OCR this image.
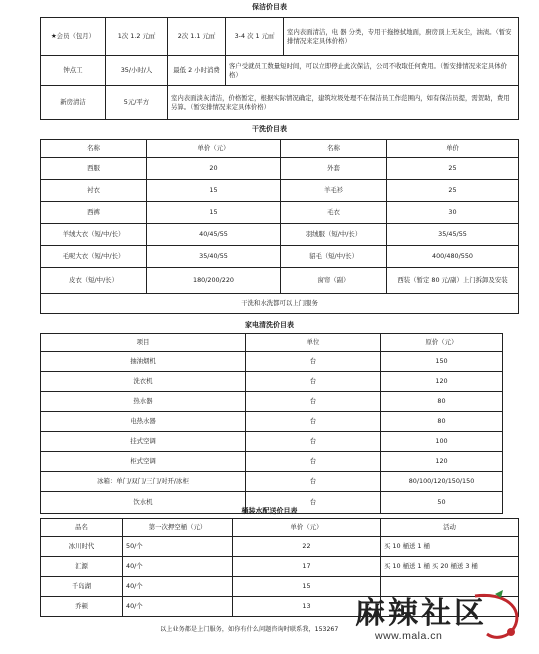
保洁价目表
★会员（包月）	1次 1.2 元㎡	2次 1.1 元㎡	3-4 次 1 元㎡	室内表面清洁，电 器 分类，专用干拖擦拭地面，廚房顶上无灰尘，油渍。（暂安排情况来定具体价格）
钟点工	35/小时/人	最低 2 小时消费	客户受就员工数量短时间，可以立即停止此次保洁，公司不收取任何费用。（暂安排情况来定具体价格）	
新房清洁	5元/平方	室内表面淡灰清洁，价格暂定，根据实际情况确定，建筑垃圾处理不在保洁员工作范围内，如有保洁员提，需贺助，费用另算。（暂安排情况来定具体价格）		
干洗价目表
名称	单价（元）	名称	单价
西服	20	外套	25
衬衣	15	羊毛衫	25
西裤	15	毛衣	30
羊绒大衣（短/中/长）	40/45/55	羽绒服（短/中/长）	35/45/55
毛呢大衣（短/中/长）	35/40/55	貂毛（短/中/长）	400/480/550
皮衣（短/中/长）	180/200/220	窗帘（副）	西装（暂定 80 元/副）上门拆卸及安装
干洗和水洗都可以上门服务			
家电清洗价目表
项目	单位	原价（元）
抽油烟机	台	150
洗衣机	台	120
热水器	台	80
电热水器	台	80
挂式空调	台	100
柜式空调	台	120
冰箱：单门/双门/三门/对开/冰柜	台	80/100/120/150/150
饮水机	台	50
桶装水配送价目表
品名	第一次押空桶（元）	单价（元）	活动
冰川时代	50/个	22	买 10 桶送 1 桶
汇源	40/个	17	买 10 桶送 1 桶 买 20 桶送 3 桶
千岛湖	40/个	15	
乔顿	40/个	13	
以上业务都是上门服务，如你有什么问题咨询时联系我，153267 麻辣社区
www.mala.cn
